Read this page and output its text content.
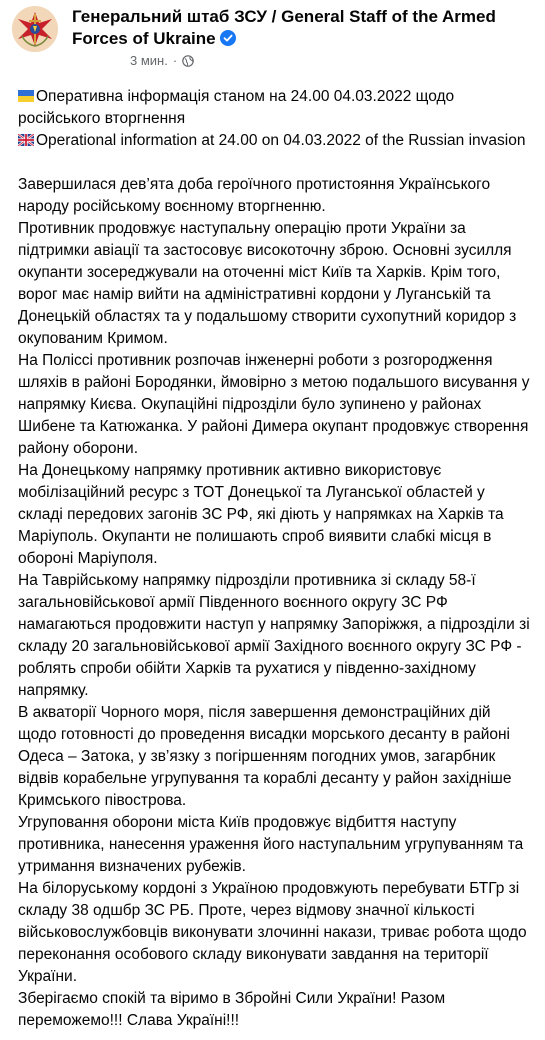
Генеральний штаб ЗСУ / General Staff of the Armed Forces of Ukraine
3 мин. ·

Оперативна інформація станом на 24.00 04.03.2022 щодо російського вторгнення

Operational information at 24.00 on 04.03.2022 of the Russian invasion

Завершилася дев’ята доба героїчного протистояння Українського народу російському воєнному вторгненню.

Противник продовжує наступальну операцію проти України за підтримки авіації та застосовує високоточну зброю. Основні зусилля окупанти зосереджували на оточенні міст Київ та Харків. Крім того, ворог має намір вийти на адміністративні кордони у Луганській та Донецькій областях та у подальшому створити сухопутний коридор з окупованим Кримом.

На Поліссі противник розпочав інженерні роботи з розгородження шляхів в районі Бородянки, ймовірно з метою подальшого висування у напрямку Києва. Окупаційні підрозділи було зупинено у районах Шибене та Катюжанка. У районі Димера окупант продовжує створення району оборони.

На Донецькому напрямку противник активно використовує мобілізаційний ресурс з ТОТ Донецької та Луганської областей у складі передових загонів ЗС РФ, які діють у напрямках на Харків та Маріуполь. Окупанти не полишають спроб виявити слабкі місця в обороні Маріуполя.

На Таврійському напрямку підрозділи противника зі складу 58-ї загальновійськової армії Південного воєнного округу ЗС РФ намагаються продовжити наступ у напрямку Запоріжжя, а підрозділи зі складу 20 загальновійськової армії Західного воєнного округу ЗС РФ - роблять спроби обійти Харків та рухатися у південно-західному напрямку.

В акваторії Чорного моря, після завершення демонстраційних дій щодо готовності до проведення висадки морського десанту в районі Одеса – Затока, у зв’язку з погіршенням погодних умов, загарбник відвів корабельне угрупування та кораблі десанту у район західніше Кримського півострова.

Угруповання оборони міста Київ продовжує відбиття наступу противника, нанесення ураження його наступальним угрупуванням та утримання визначених рубежів.

На білоруському кордоні з Україною продовжують перебувати БТГр зі складу 38 одшбр ЗС РБ. Проте, через відмову значної кількості військовослужбовців виконувати злочинні накази, триває робота щодо переконання особового складу виконувати завдання на території України.

Зберігаємо спокій та віримо в Збройні Сили України! Разом переможемо!!! Слава Україні!!!
